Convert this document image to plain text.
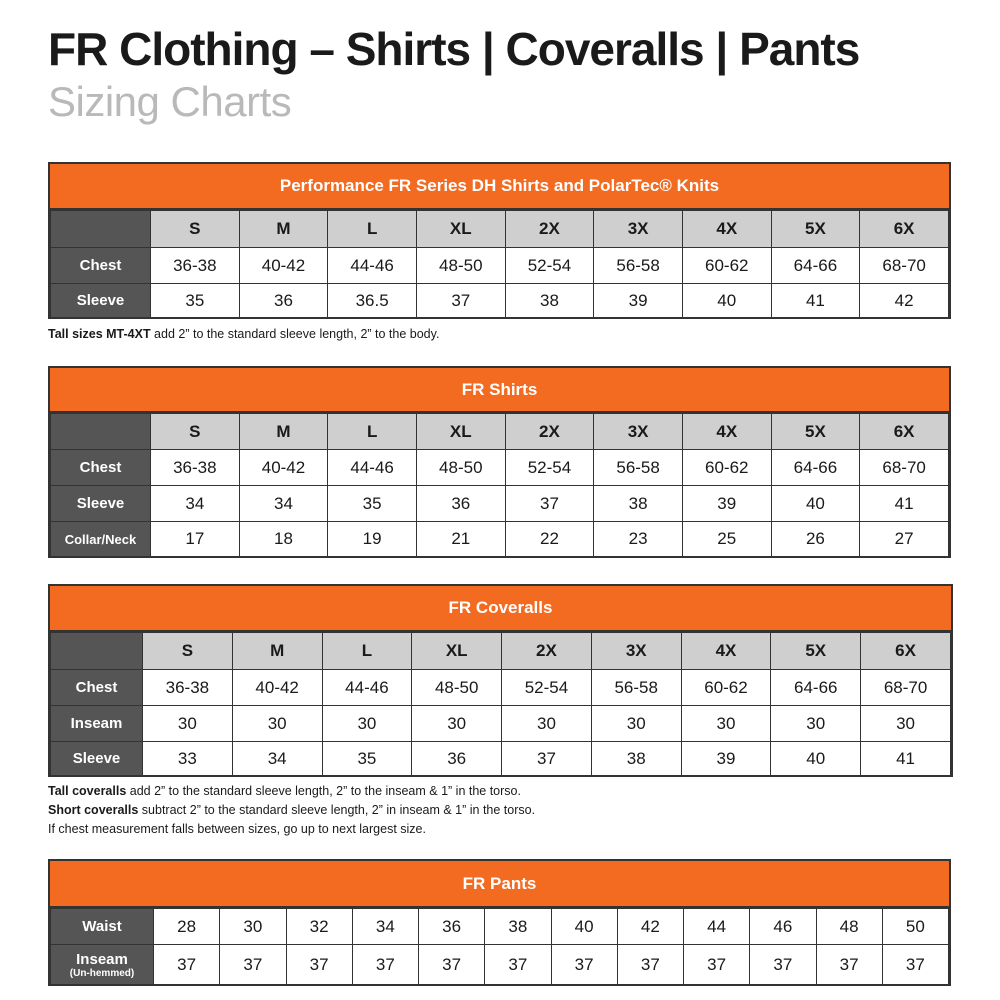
FR Clothing – Shirts | Coveralls | Pants
Sizing Charts
Performance FR Series DH Shirts and PolarTec® Knits
	S	M	L	XL	2X	3X	4X	5X	6X
Chest	36-38	40-42	44-46	48-50	52-54	56-58	60-62	64-66	68-70
Sleeve	35	36	36.5	37	38	39	40	41	42
Tall sizes MT-4XT add 2” to the standard sleeve length, 2” to the body.
FR Shirts
	S	M	L	XL	2X	3X	4X	5X	6X
Chest	36-38	40-42	44-46	48-50	52-54	56-58	60-62	64-66	68-70
Sleeve	34	34	35	36	37	38	39	40	41
Collar/Neck	17	18	19	21	22	23	25	26	27
FR Coveralls
	S	M	L	XL	2X	3X	4X	5X	6X
Chest	36-38	40-42	44-46	48-50	52-54	56-58	60-62	64-66	68-70
Inseam	30	30	30	30	30	30	30	30	30
Sleeve	33	34	35	36	37	38	39	40	41
Tall coveralls add 2” to the standard sleeve length, 2” to the inseam & 1” in the torso.
Short coveralls subtract 2” to the standard sleeve length, 2” in inseam & 1” in the torso.
If chest measurement falls between sizes, go up to next largest size.
FR Pants
Waist	28	30	32	34	36	38	40	42	44	46	48	50
Inseam
(Un-hemmed)	37	37	37	37	37	37	37	37	37	37	37	37
